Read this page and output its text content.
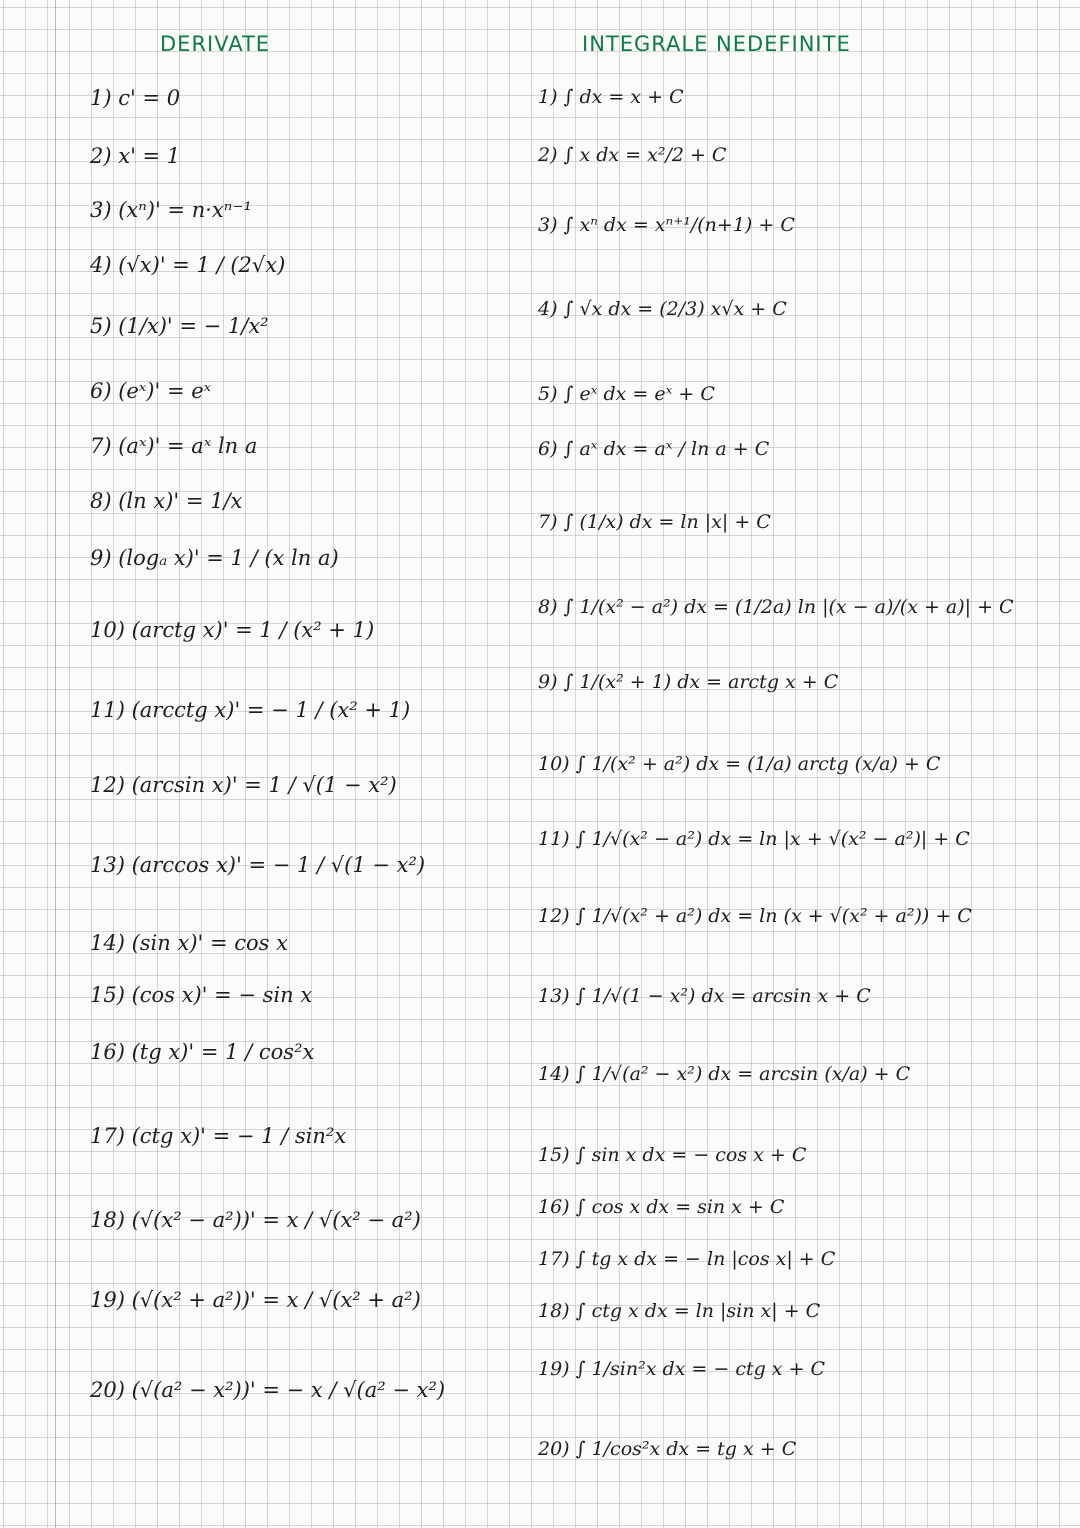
DERIVATE	INTEGRALE NEDEFINITE
1) c' = 0
2) x' = 1
3) (xⁿ)' = n·xⁿ⁻¹
4) (√x)' = 1 / (2√x)
5) (1/x)' = − 1/x²
6) (eˣ)' = eˣ
7) (aˣ)' = aˣ ln a
8) (ln x)' = 1/x
9) (logₐ x)' = 1 / (x ln a)
10) (arctg x)' = 1 / (x² + 1)
11) (arcctg x)' = − 1 / (x² + 1)
12) (arcsin x)' = 1 / √(1 − x²)
13) (arccos x)' = − 1 / √(1 − x²)
14) (sin x)' = cos x
15) (cos x)' = − sin x
16) (tg x)' = 1 / cos²x
17) (ctg x)' = − 1 / sin²x
18) (√(x² − a²))' = x / √(x² − a²)
19) (√(x² + a²))' = x / √(x² + a²)
20) (√(a² − x²))' = − x / √(a² − x²)
1) ∫ dx = x + C
2) ∫ x dx = x²/2 + C
3) ∫ xⁿ dx = xⁿ⁺¹/(n+1) + C
4) ∫ √x dx = (2/3) x√x + C
5) ∫ eˣ dx = eˣ + C
6) ∫ aˣ dx = aˣ / ln a + C
7) ∫ (1/x) dx = ln |x| + C
8) ∫ 1/(x² − a²) dx = (1/2a) ln |(x − a)/(x + a)| + C
9) ∫ 1/(x² + 1) dx = arctg x + C
10) ∫ 1/(x² + a²) dx = (1/a) arctg (x/a) + C
11) ∫ 1/√(x² − a²) dx = ln |x + √(x² − a²)| + C
12) ∫ 1/√(x² + a²) dx = ln (x + √(x² + a²)) + C
13) ∫ 1/√(1 − x²) dx = arcsin x + C
14) ∫ 1/√(a² − x²) dx = arcsin (x/a) + C
15) ∫ sin x dx = − cos x + C
16) ∫ cos x dx = sin x + C
17) ∫ tg x dx = − ln |cos x| + C
18) ∫ ctg x dx = ln |sin x| + C
19) ∫ 1/sin²x dx = − ctg x + C
20) ∫ 1/cos²x dx = tg x + C
